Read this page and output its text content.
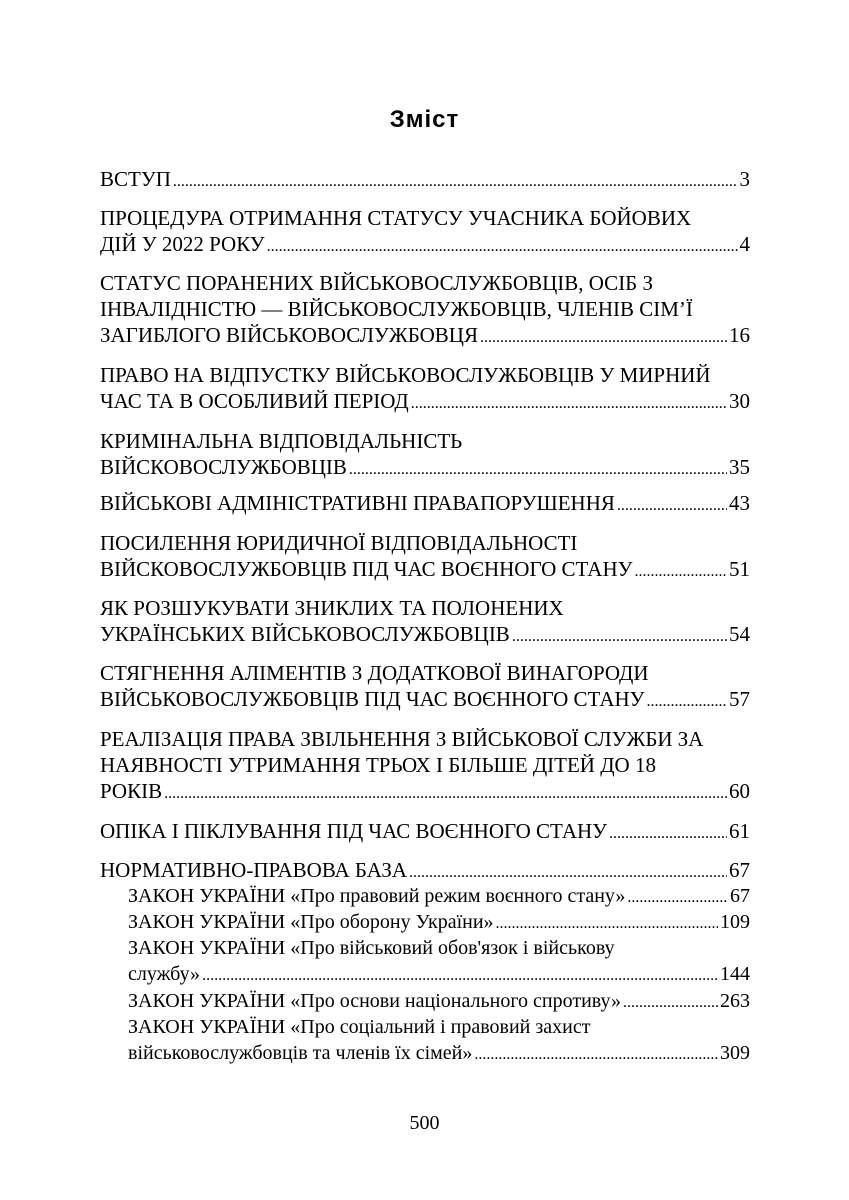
Зміст
ВСТУП .....	3
ПРОЦЕДУРА ОТРИМАННЯ СТАТУСУ УЧАСНИКА БОЙОВИХ
ДІЙ У 2022 РОКУ .....	4
СТАТУС ПОРАНЕНИХ ВІЙСЬКОВОСЛУЖБОВЦІВ, ОСІБ З
ІНВАЛІДНІСТЮ — ВІЙСЬКОВОСЛУЖБОВЦІВ, ЧЛЕНІВ СІМ’Ї
ЗАГИБЛОГО ВІЙСЬКОВОСЛУЖБОВЦЯ .....	16
ПРАВО НА ВІДПУСТКУ ВІЙСЬКОВОСЛУЖБОВЦІВ У МИРНИЙ
ЧАС ТА В ОСОБЛИВИЙ ПЕРІОД .....	30
КРИМІНАЛЬНА ВІДПОВІДАЛЬНІСТЬ
ВІЙСКОВОСЛУЖБОВЦІВ .....	35
ВІЙСЬКОВІ АДМІНІСТРАТИВНІ ПРАВАПОРУШЕННЯ .....	43
ПОСИЛЕННЯ ЮРИДИЧНОЇ ВІДПОВІДАЛЬНОСТІ
ВІЙСКОВОСЛУЖБОВЦІВ ПІД ЧАС ВОЄННОГО СТАНУ .....	51
ЯК РОЗШУКУВАТИ ЗНИКЛИХ ТА ПОЛОНЕНИХ
УКРАЇНСЬКИХ ВІЙСЬКОВОСЛУЖБОВЦІВ .....	54
СТЯГНЕННЯ АЛІМЕНТІВ З ДОДАТКОВОЇ ВИНАГОРОДИ
ВІЙСЬКОВОСЛУЖБОВЦІВ ПІД ЧАС ВОЄННОГО СТАНУ .....	57
РЕАЛІЗАЦІЯ ПРАВА ЗВІЛЬНЕННЯ З ВІЙСЬКОВОЇ СЛУЖБИ ЗА
НАЯВНОСТІ УТРИМАННЯ ТРЬОХ І БІЛЬШЕ ДІТЕЙ ДО 18
РОКІВ .....	60
ОПІКА І ПІКЛУВАННЯ ПІД ЧАС ВОЄННОГО СТАНУ .....	61
НОРМАТИВНО-ПРАВОВА БАЗА .....	67
ЗАКОН УКРАЇНИ «Про правовий режим воєнного стану» .....	67
ЗАКОН УКРАЇНИ «Про оборону України» .....	109
ЗАКОН УКРАЇНИ «Про військовий обов'язок і військову
службу» .....	144
ЗАКОН УКРАЇНИ «Про основи національного спротиву» .....	263
ЗАКОН УКРАЇНИ «Про соціальний і правовий захист
військовослужбовців та членів їх сімей» .....	309
500
